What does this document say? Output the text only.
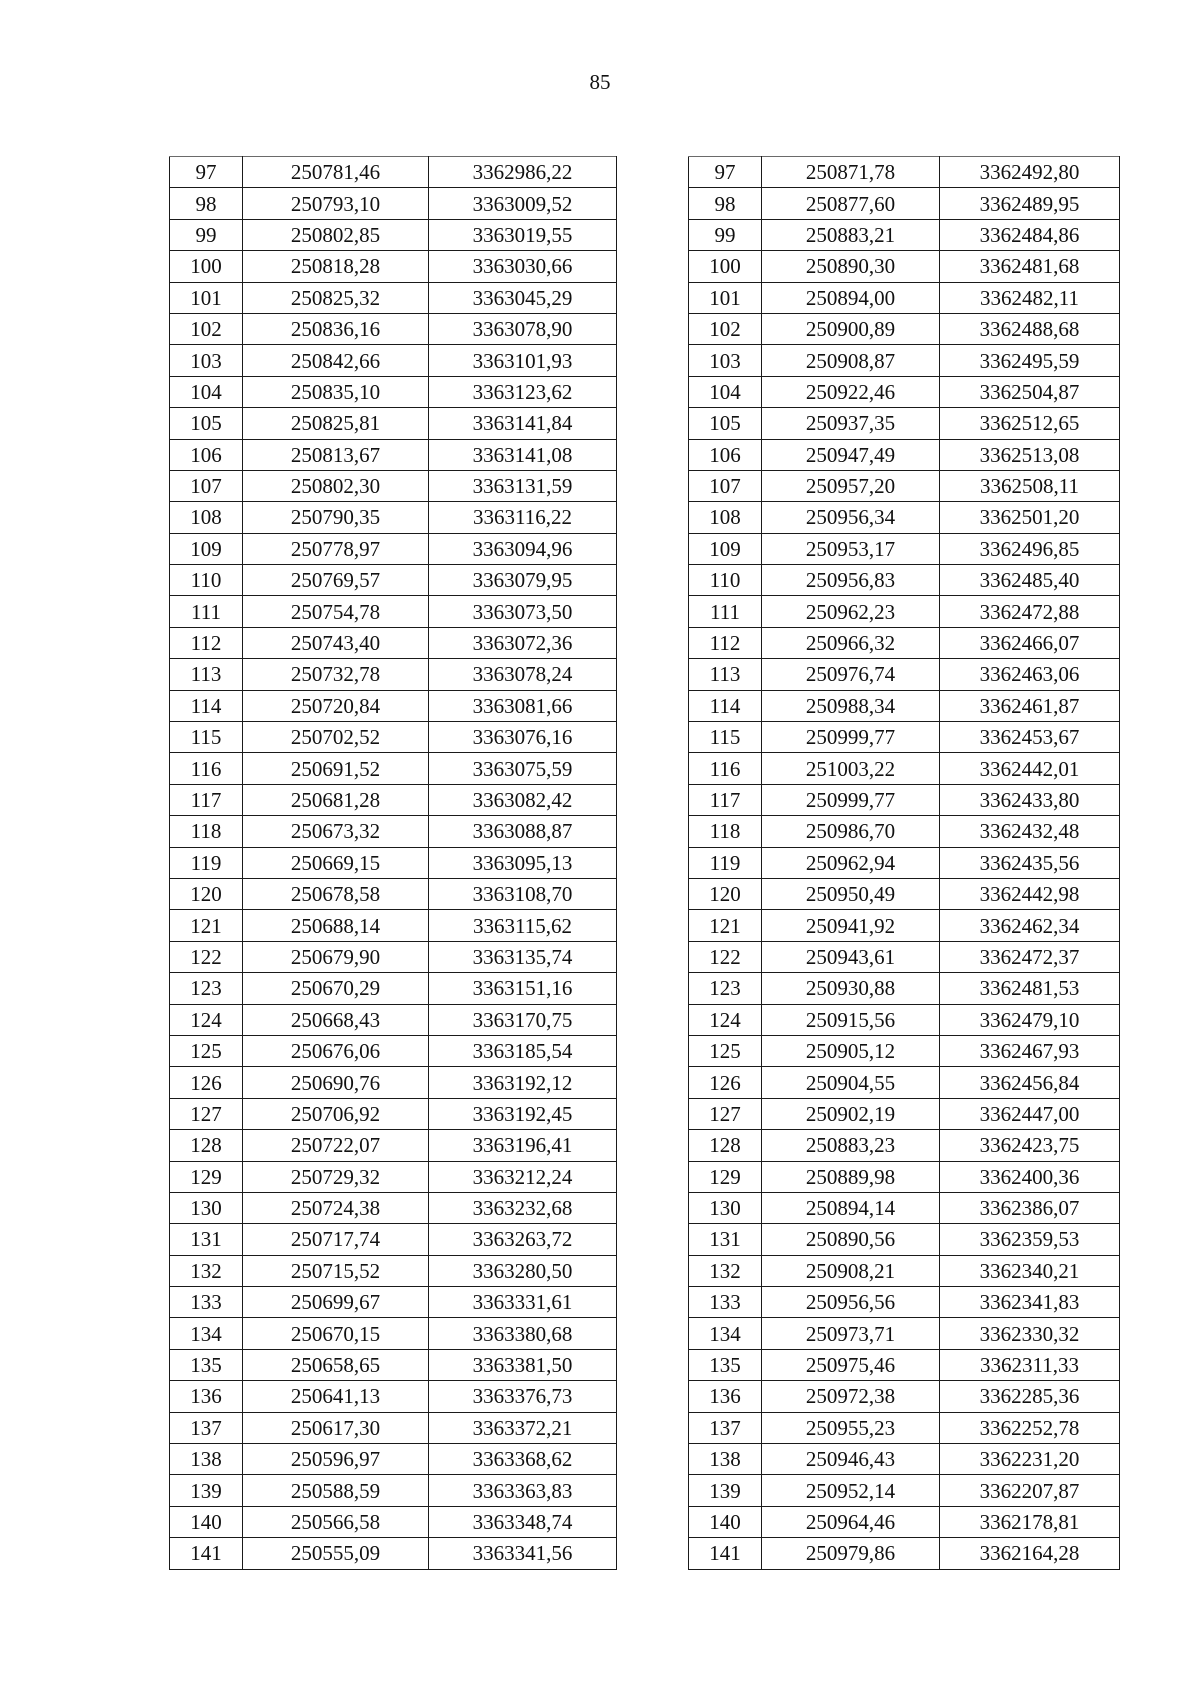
85
97	250781,46	3362986,22
98	250793,10	3363009,52
99	250802,85	3363019,55
100	250818,28	3363030,66
101	250825,32	3363045,29
102	250836,16	3363078,90
103	250842,66	3363101,93
104	250835,10	3363123,62
105	250825,81	3363141,84
106	250813,67	3363141,08
107	250802,30	3363131,59
108	250790,35	3363116,22
109	250778,97	3363094,96
110	250769,57	3363079,95
111	250754,78	3363073,50
112	250743,40	3363072,36
113	250732,78	3363078,24
114	250720,84	3363081,66
115	250702,52	3363076,16
116	250691,52	3363075,59
117	250681,28	3363082,42
118	250673,32	3363088,87
119	250669,15	3363095,13
120	250678,58	3363108,70
121	250688,14	3363115,62
122	250679,90	3363135,74
123	250670,29	3363151,16
124	250668,43	3363170,75
125	250676,06	3363185,54
126	250690,76	3363192,12
127	250706,92	3363192,45
128	250722,07	3363196,41
129	250729,32	3363212,24
130	250724,38	3363232,68
131	250717,74	3363263,72
132	250715,52	3363280,50
133	250699,67	3363331,61
134	250670,15	3363380,68
135	250658,65	3363381,50
136	250641,13	3363376,73
137	250617,30	3363372,21
138	250596,97	3363368,62
139	250588,59	3363363,83
140	250566,58	3363348,74
141	250555,09	3363341,56
97	250871,78	3362492,80
98	250877,60	3362489,95
99	250883,21	3362484,86
100	250890,30	3362481,68
101	250894,00	3362482,11
102	250900,89	3362488,68
103	250908,87	3362495,59
104	250922,46	3362504,87
105	250937,35	3362512,65
106	250947,49	3362513,08
107	250957,20	3362508,11
108	250956,34	3362501,20
109	250953,17	3362496,85
110	250956,83	3362485,40
111	250962,23	3362472,88
112	250966,32	3362466,07
113	250976,74	3362463,06
114	250988,34	3362461,87
115	250999,77	3362453,67
116	251003,22	3362442,01
117	250999,77	3362433,80
118	250986,70	3362432,48
119	250962,94	3362435,56
120	250950,49	3362442,98
121	250941,92	3362462,34
122	250943,61	3362472,37
123	250930,88	3362481,53
124	250915,56	3362479,10
125	250905,12	3362467,93
126	250904,55	3362456,84
127	250902,19	3362447,00
128	250883,23	3362423,75
129	250889,98	3362400,36
130	250894,14	3362386,07
131	250890,56	3362359,53
132	250908,21	3362340,21
133	250956,56	3362341,83
134	250973,71	3362330,32
135	250975,46	3362311,33
136	250972,38	3362285,36
137	250955,23	3362252,78
138	250946,43	3362231,20
139	250952,14	3362207,87
140	250964,46	3362178,81
141	250979,86	3362164,28
